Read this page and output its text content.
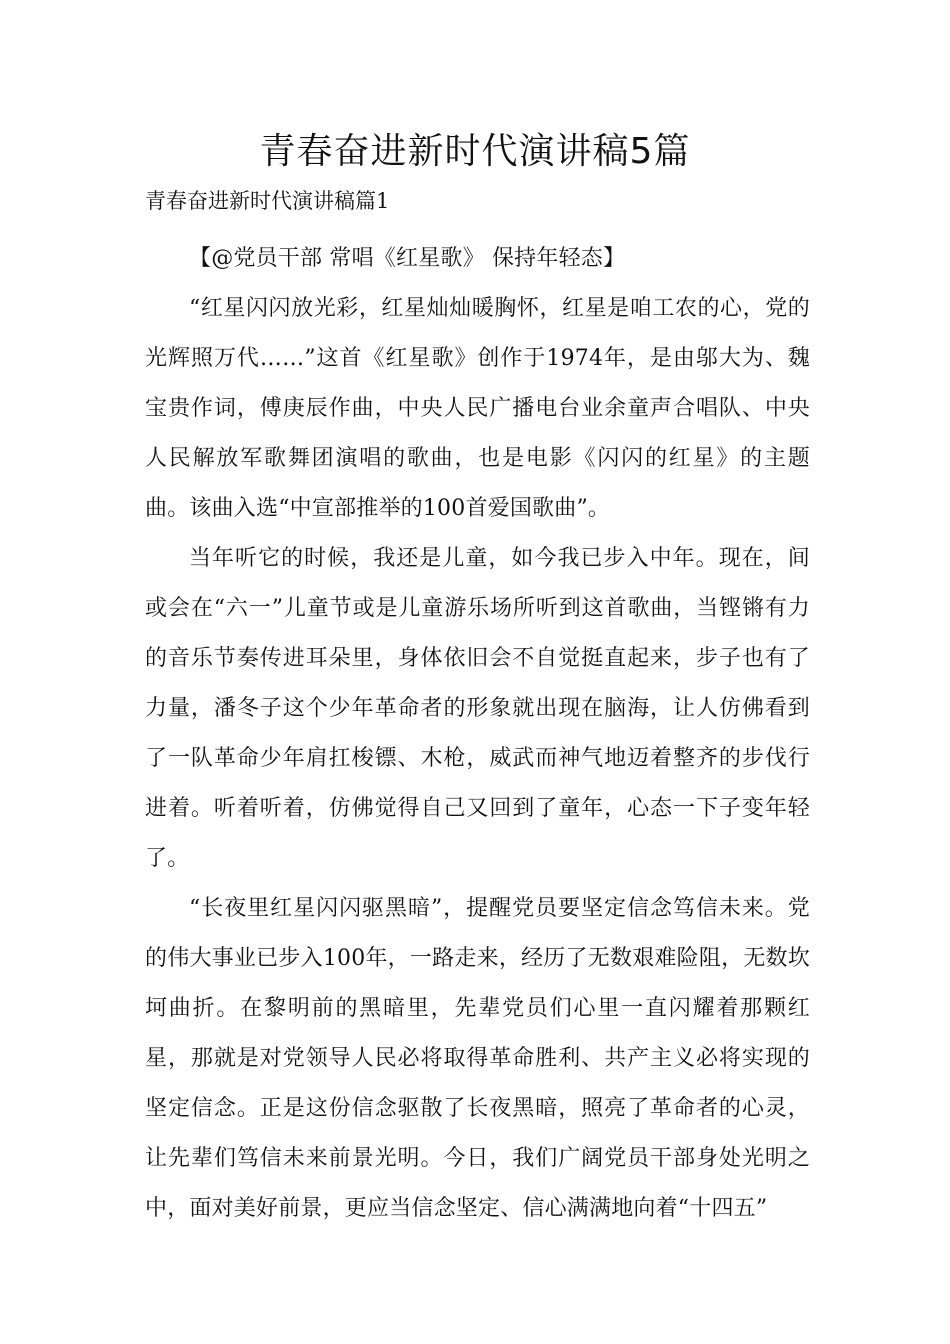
青春奋进新时代演讲稿5篇

青春奋进新时代演讲稿篇1

【@党员干部 常唱《红星歌》 保持年轻态】

“红星闪闪放光彩，红星灿灿暖胸怀，红星是咱工农的心，党的光辉照万代……”这首《红星歌》创作于1974年，是由邬大为、魏宝贵作词，傅庚辰作曲，中央人民广播电台业余童声合唱队、中央人民解放军歌舞团演唱的歌曲，也是电影《闪闪的红星》的主题曲。该曲入选“中宣部推举的100首爱国歌曲”。

当年听它的时候，我还是儿童，如今我已步入中年。现在，间或会在“六一”儿童节或是儿童游乐场所听到这首歌曲，当铿锵有力的音乐节奏传进耳朵里，身体依旧会不自觉挺直起来，步子也有了力量，潘冬子这个少年革命者的形象就出现在脑海，让人仿佛看到了一队革命少年肩扛梭镖、木枪，威武而神气地迈着整齐的步伐行进着。听着听着，仿佛觉得自己又回到了童年，心态一下子变年轻了。

“长夜里红星闪闪驱黑暗”，提醒党员要坚定信念笃信未来。党的伟大事业已步入100年，一路走来，经历了无数艰难险阻，无数坎坷曲折。在黎明前的黑暗里，先辈党员们心里一直闪耀着那颗红星，那就是对党领导人民必将取得革命胜利、共产主义必将实现的坚定信念。正是这份信念驱散了长夜黑暗，照亮了革命者的心灵，让先辈们笃信未来前景光明。今日，我们广阔党员干部身处光明之中，面对美好前景，更应当信念坚定、信心满满地向着“十四五”
